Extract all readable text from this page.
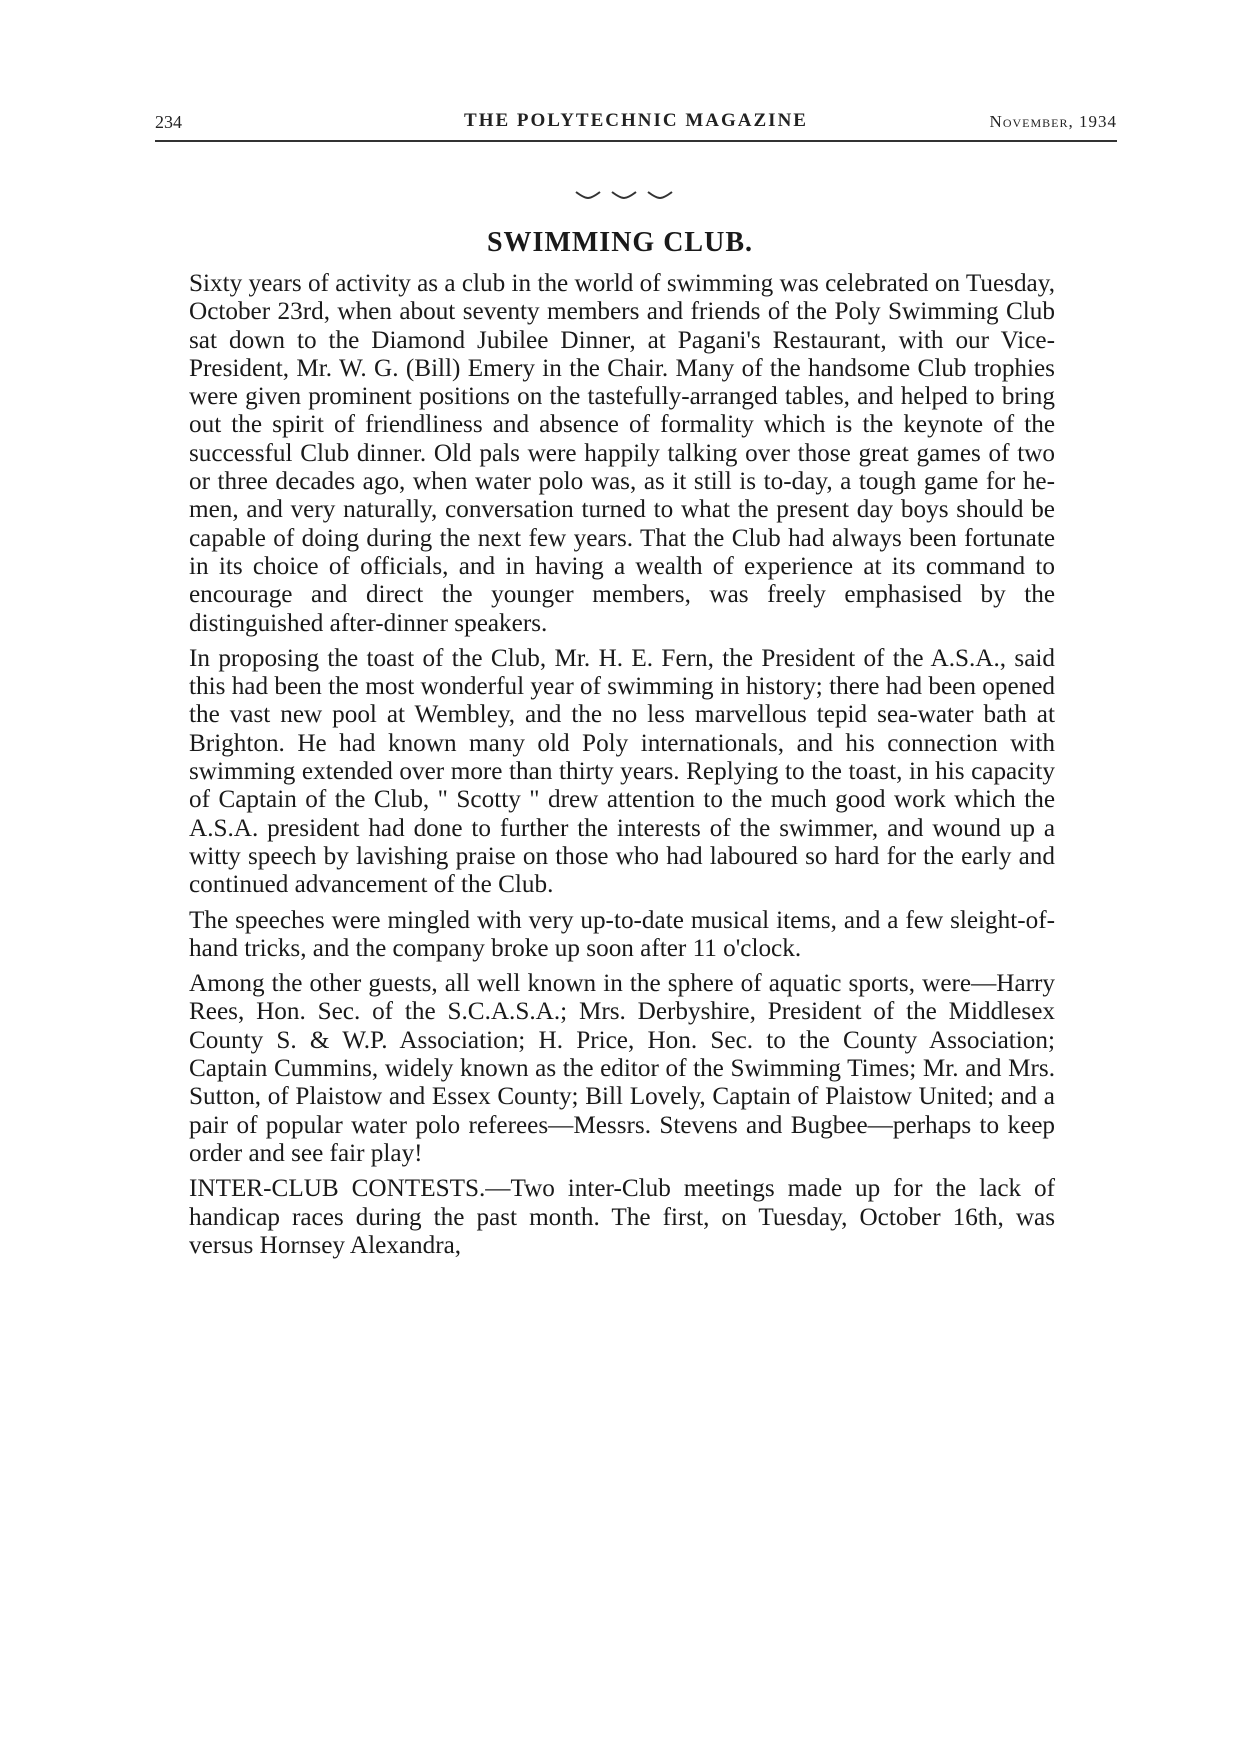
234	THE POLYTECHNIC MAGAZINE	November, 1934
SWIMMING CLUB.

Sixty years of activity as a club in the world of swimming was celebrated on Tuesday, October 23rd, when about seventy members and friends of the Poly Swimming Club sat down to the Diamond Jubilee Dinner, at Pagani's Restaurant, with our Vice-President, Mr. W. G. (Bill) Emery in the Chair. Many of the handsome Club trophies were given prominent positions on the tastefully-arranged tables, and helped to bring out the spirit of friendliness and absence of formality which is the keynote of the successful Club dinner. Old pals were happily talking over those great games of two or three decades ago, when water polo was, as it still is to-day, a tough game for he-men, and very naturally, conversation turned to what the present day boys should be capable of doing during the next few years. That the Club had always been fortunate in its choice of officials, and in having a wealth of experience at its command to encourage and direct the younger members, was freely emphasised by the distinguished after-dinner speakers.

In proposing the toast of the Club, Mr. H. E. Fern, the President of the A.S.A., said this had been the most wonderful year of swimming in history; there had been opened the vast new pool at Wembley, and the no less marvellous tepid sea-water bath at Brighton. He had known many old Poly internationals, and his connection with swimming extended over more than thirty years. Replying to the toast, in his capacity of Captain of the Club, " Scotty " drew attention to the much good work which the A.S.A. president had done to further the interests of the swimmer, and wound up a witty speech by lavishing praise on those who had laboured so hard for the early and continued advancement of the Club.

The speeches were mingled with very up-to-date musical items, and a few sleight-of-hand tricks, and the company broke up soon after 11 o'clock.

Among the other guests, all well known in the sphere of aquatic sports, were—Harry Rees, Hon. Sec. of the S.C.A.S.A.; Mrs. Derbyshire, President of the Middlesex County S. & W.P. Association; H. Price, Hon. Sec. to the County Association; Captain Cummins, widely known as the editor of the Swimming Times; Mr. and Mrs. Sutton, of Plaistow and Essex County; Bill Lovely, Captain of Plaistow United; and a pair of popular water polo referees—Messrs. Stevens and Bugbee—perhaps to keep order and see fair play!

INTER-CLUB CONTESTS.—Two inter-Club meetings made up for the lack of handicap races during the past month. The first, on Tuesday, October 16th, was versus Hornsey Alexandra,
